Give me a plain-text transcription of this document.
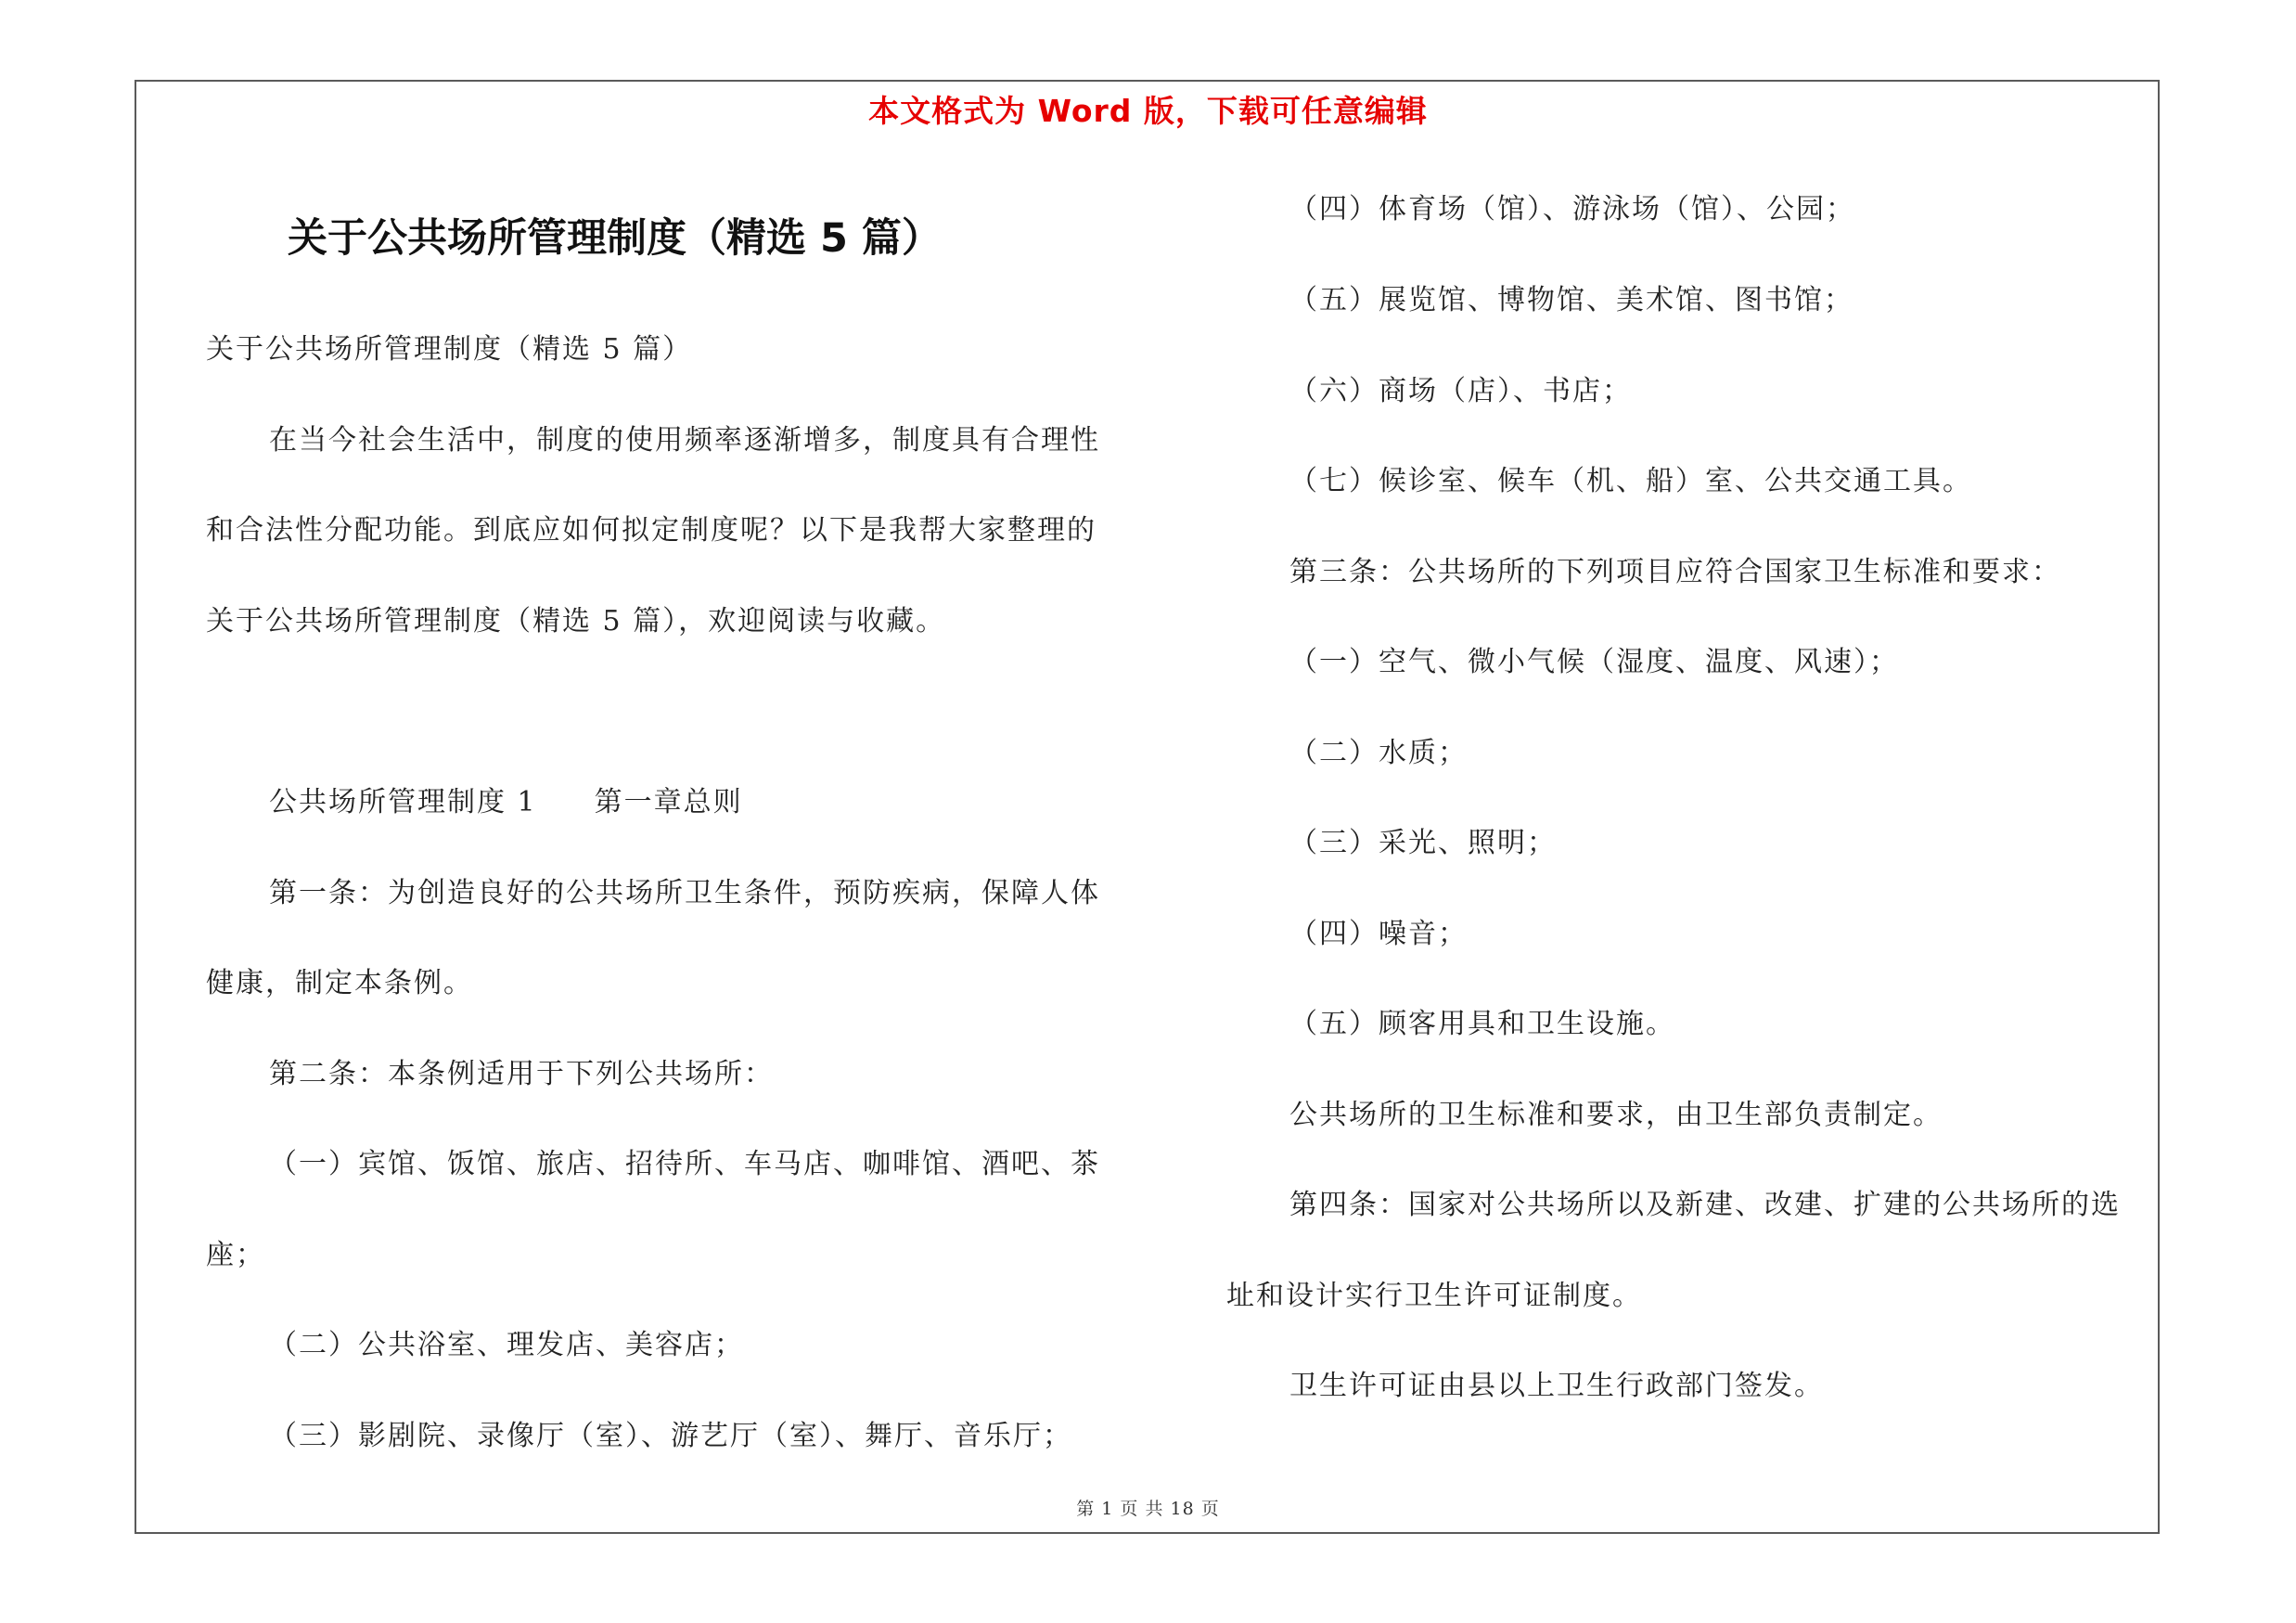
本文格式为 Word 版，下载可任意编辑
关于公共场所管理制度（精选 5 篇）
关于公共场所管理制度（精选 5 篇）
在当今社会生活中，制度的使用频率逐渐增多，制度具有合理性
和合法性分配功能。到底应如何拟定制度呢？以下是我帮大家整理的
关于公共场所管理制度（精选 5 篇），欢迎阅读与收藏。
公共场所管理制度 1 第一章总则
第一条：为创造良好的公共场所卫生条件，预防疾病，保障人体
健康，制定本条例。
第二条：本条例适用于下列公共场所：
（一）宾馆、饭馆、旅店、招待所、车马店、咖啡馆、酒吧、茶
座；
（二）公共浴室、理发店、美容店；
（三）影剧院、录像厅（室）、游艺厅（室）、舞厅、音乐厅；
（四）体育场（馆）、游泳场（馆）、公园；
（五）展览馆、博物馆、美术馆、图书馆；
（六）商场（店）、书店；
（七）候诊室、候车（机、船）室、公共交通工具。
第三条：公共场所的下列项目应符合国家卫生标准和要求：
（一）空气、微小气候（湿度、温度、风速）；
（二）水质；
（三）采光、照明；
（四）噪音；
（五）顾客用具和卫生设施。
公共场所的卫生标准和要求，由卫生部负责制定。
第四条：国家对公共场所以及新建、改建、扩建的公共场所的选
址和设计实行卫生许可证制度。
卫生许可证由县以上卫生行政部门签发。
第 1 页 共 18 页
